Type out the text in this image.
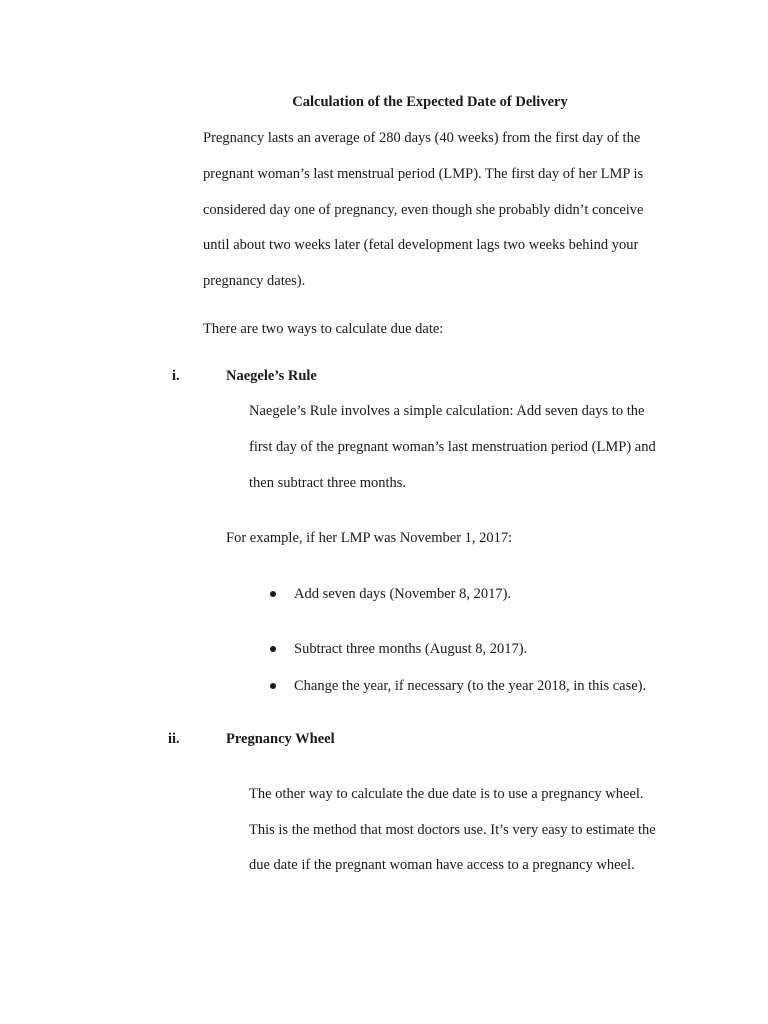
Calculation of the Expected Date of Delivery
Pregnancy lasts an average of 280 days (40 weeks) from the first day of the
pregnant woman’s last menstrual period (LMP). The first day of her LMP is
considered day one of pregnancy, even though she probably didn’t conceive
until about two weeks later (fetal development lags two weeks behind your
pregnancy dates).
There are two ways to calculate due date:
i.	Naegele’s Rule
Naegele’s Rule involves a simple calculation: Add seven days to the
first day of the pregnant woman’s last menstruation period (LMP) and
then subtract three months.
For example, if her LMP was November 1, 2017:
Add seven days (November 8, 2017).
Subtract three months (August 8, 2017).
Change the year, if necessary (to the year 2018, in this case).
ii.	Pregnancy Wheel
The other way to calculate the due date is to use a pregnancy wheel.
This is the method that most doctors use. It’s very easy to estimate the
due date if the pregnant woman have access to a pregnancy wheel.
